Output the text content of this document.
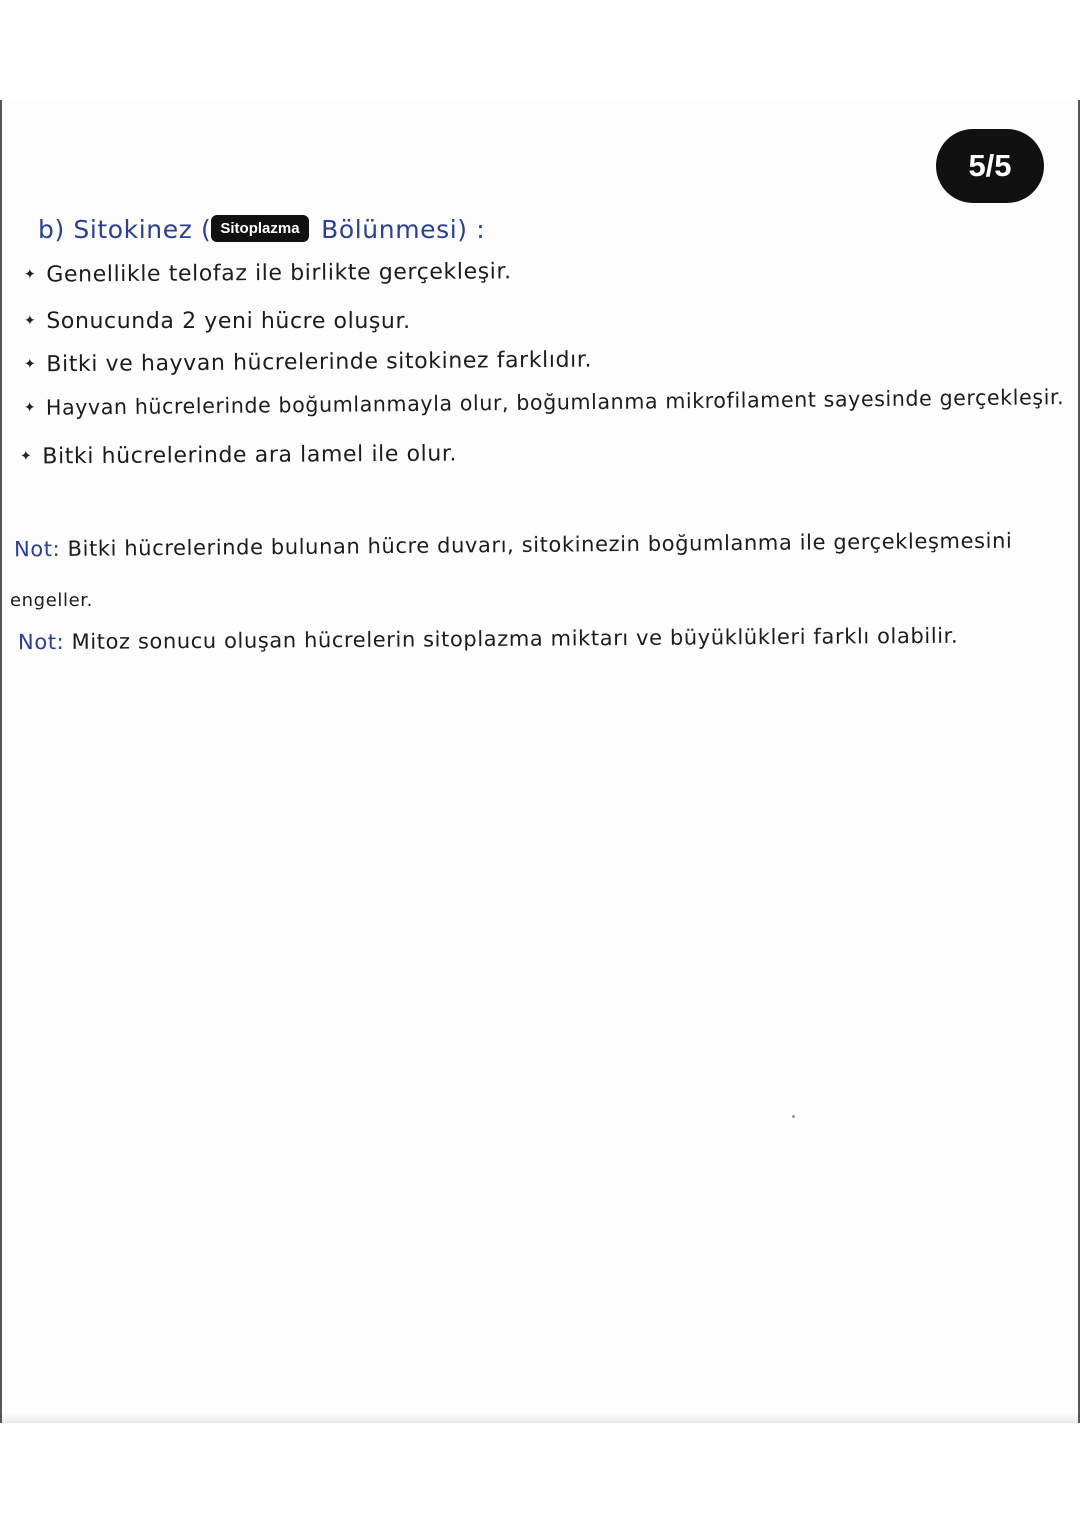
5/5
b) Sitokinez ( Sitoplazma Bölünmesi) :
✦ Genellikle telofaz ile birlikte gerçekleşir.
✦ Sonucunda 2 yeni hücre oluşur.
✦ Bitki ve hayvan hücrelerinde sitokinez farklıdır.
✦ Hayvan hücrelerinde boğumlanmayla olur, boğumlanma mikrofilament sayesinde gerçekleşir.
✦ Bitki hücrelerinde ara lamel ile olur.
Not: Bitki hücrelerinde bulunan hücre duvarı, sitokinezin boğumlanma ile gerçekleşmesini
engeller.
Not: Mitoz sonucu oluşan hücrelerin sitoplazma miktarı ve büyüklükleri farklı olabilir.
